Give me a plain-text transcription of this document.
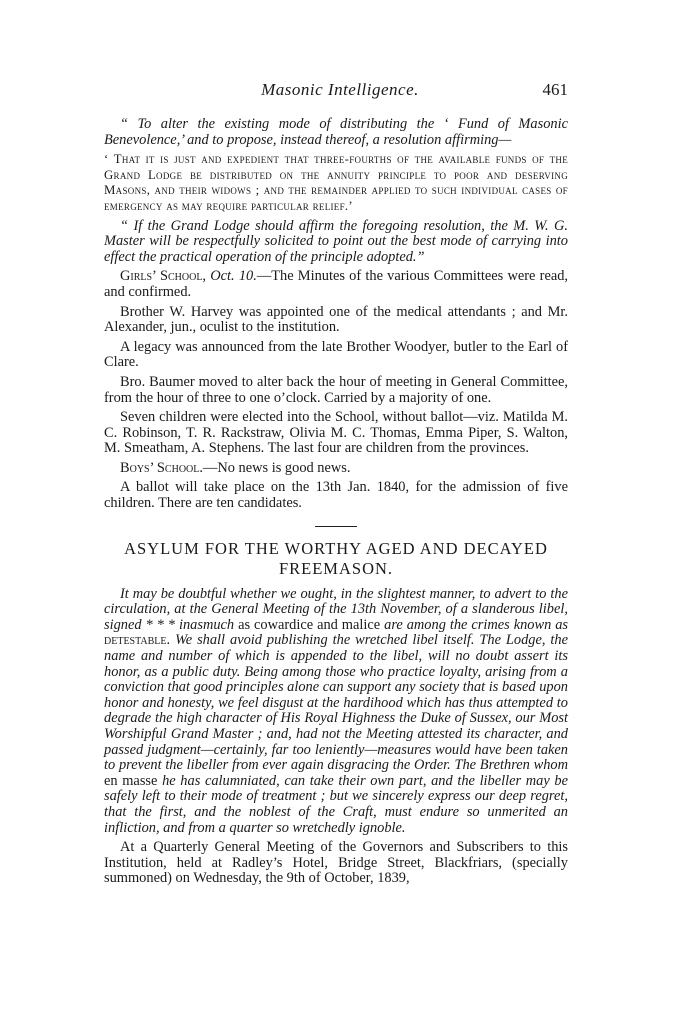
Masonic Intelligence.	461

“ To alter the existing mode of distributing the ‘ Fund of Masonic Benevolence,’ and to propose, instead thereof, a resolution affirming—

‘ That it is just and expedient that three-fourths of the available funds of the Grand Lodge be distributed on the annuity principle to poor and deserving Masons, and their widows ; and the remainder applied to such individual cases of emergency as may require particular relief.’

“ If the Grand Lodge should affirm the foregoing resolution, the M. W. G. Master will be respectfully solicited to point out the best mode of carrying into effect the practical operation of the principle adopted.”

Girls’ School, Oct. 10.—The Minutes of the various Committees were read, and confirmed.

Brother W. Harvey was appointed one of the medical attendants ; and Mr. Alexander, jun., oculist to the institution.

A legacy was announced from the late Brother Woodyer, butler to the Earl of Clare.

Bro. Baumer moved to alter back the hour of meeting in General Committee, from the hour of three to one o’clock. Carried by a majority of one.

Seven children were elected into the School, without ballot—viz. Matilda M. C. Robinson, T. R. Rackstraw, Olivia M. C. Thomas, Emma Piper, S. Walton, M. Smeatham, A. Stephens. The last four are children from the provinces.

Boys’ School.—No news is good news.

A ballot will take place on the 13th Jan. 1840, for the admission of five children. There are ten candidates.

ASYLUM FOR THE WORTHY AGED AND DECAYED
FREEMASON.

It may be doubtful whether we ought, in the slightest manner, to advert to the circulation, at the General Meeting of the 13th November, of a slanderous libel, signed * * * inasmuch as cowardice and malice are among the crimes known as detestable. We shall avoid publishing the wretched libel itself. The Lodge, the name and number of which is appended to the libel, will no doubt assert its honor, as a public duty. Being among those who practice loyalty, arising from a conviction that good principles alone can support any society that is based upon honor and honesty, we feel disgust at the hardihood which has thus attempted to degrade the high character of His Royal Highness the Duke of Sussex, our Most Worshipful Grand Master ; and, had not the Meeting attested its character, and passed judgment—certainly, far too leniently—measures would have been taken to prevent the libeller from ever again disgracing the Order. The Brethren whom en masse he has calumniated, can take their own part, and the libeller may be safely left to their mode of treatment ; but we sincerely express our deep regret, that the first, and the noblest of the Craft, must endure so unmerited an infliction, and from a quarter so wretchedly ignoble.

At a Quarterly General Meeting of the Governors and Subscribers to this Institution, held at Radley’s Hotel, Bridge Street, Blackfriars, (specially summoned) on Wednesday, the 9th of October, 1839,
